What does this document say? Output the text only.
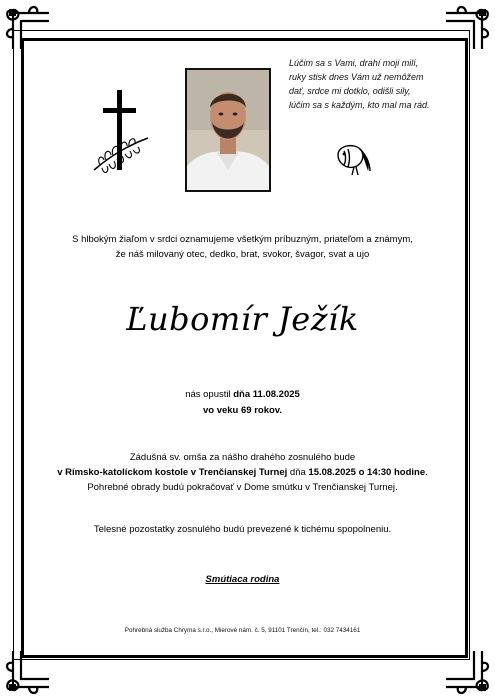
Lúčim sa s Vami, drahí moji milí,
ruky stisk dnes Vám už nemôžem
dať, srdce mi dotklo, odišli sily,
lúčim sa s každým, kto mal ma rád.
S hlbokým žiaľom v srdci oznamujeme všetkým príbuzným, priateľom a známym,
že náš milovaný otec, dedko, brat, svokor, švagor, svat a ujo
Ľubomír Ježík
nás opustil dňa 11.08.2025
vo veku 69 rokov.
Zádušná sv. omša za nášho drahého zosnulého bude
v Rímsko-katolíckom kostole v Trenčianskej Turnej dňa 15.08.2025 o 14:30 hodine.
Pohrebné obrady budú pokračovať v Dome smútku v Trenčianskej Turnej.
Telesné pozostatky zosnulého budú prevezené k tichému spopolneniu.
Smútiaca rodina
Pohrebná služba Chryma s.r.o., Mierové nám. č. 5, 91101 Trenčín, tel.: 032 7434161
